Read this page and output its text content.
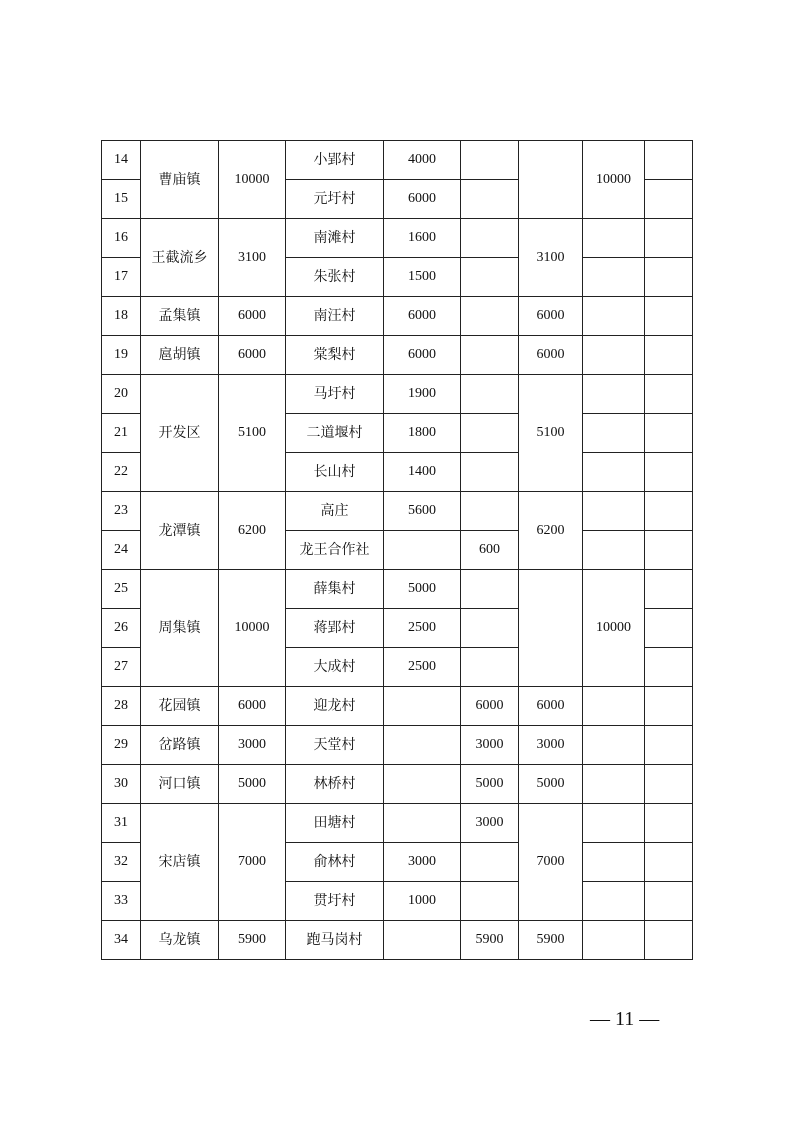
14	曹庙镇	10000	小郢村	4000			10000	
15			元圩村	6000				
16	王截流乡	3100	南滩村	1600		3100		
17			朱张村	1500				
18	孟集镇	6000	南汪村	6000		6000		
19	扈胡镇	6000	棠梨村	6000		6000		
20	开发区	5100	马圩村	1900		5100		
21			二道堰村	1800				
22			长山村	1400				
23	龙潭镇	6200	高庄	5600		6200		
24			龙王合作社		600			
25	周集镇	10000	薛集村	5000			10000	
26			蒋郢村	2500				
27			大成村	2500				
28	花园镇	6000	迎龙村		6000	6000		
29	岔路镇	3000	天堂村		3000	3000		
30	河口镇	5000	林桥村		5000	5000		
31	宋店镇	7000	田塘村		3000	7000		
32			俞林村	3000				
33			贯圩村	1000				
34	乌龙镇	5900	跑马岗村		5900	5900		
— 11 —
